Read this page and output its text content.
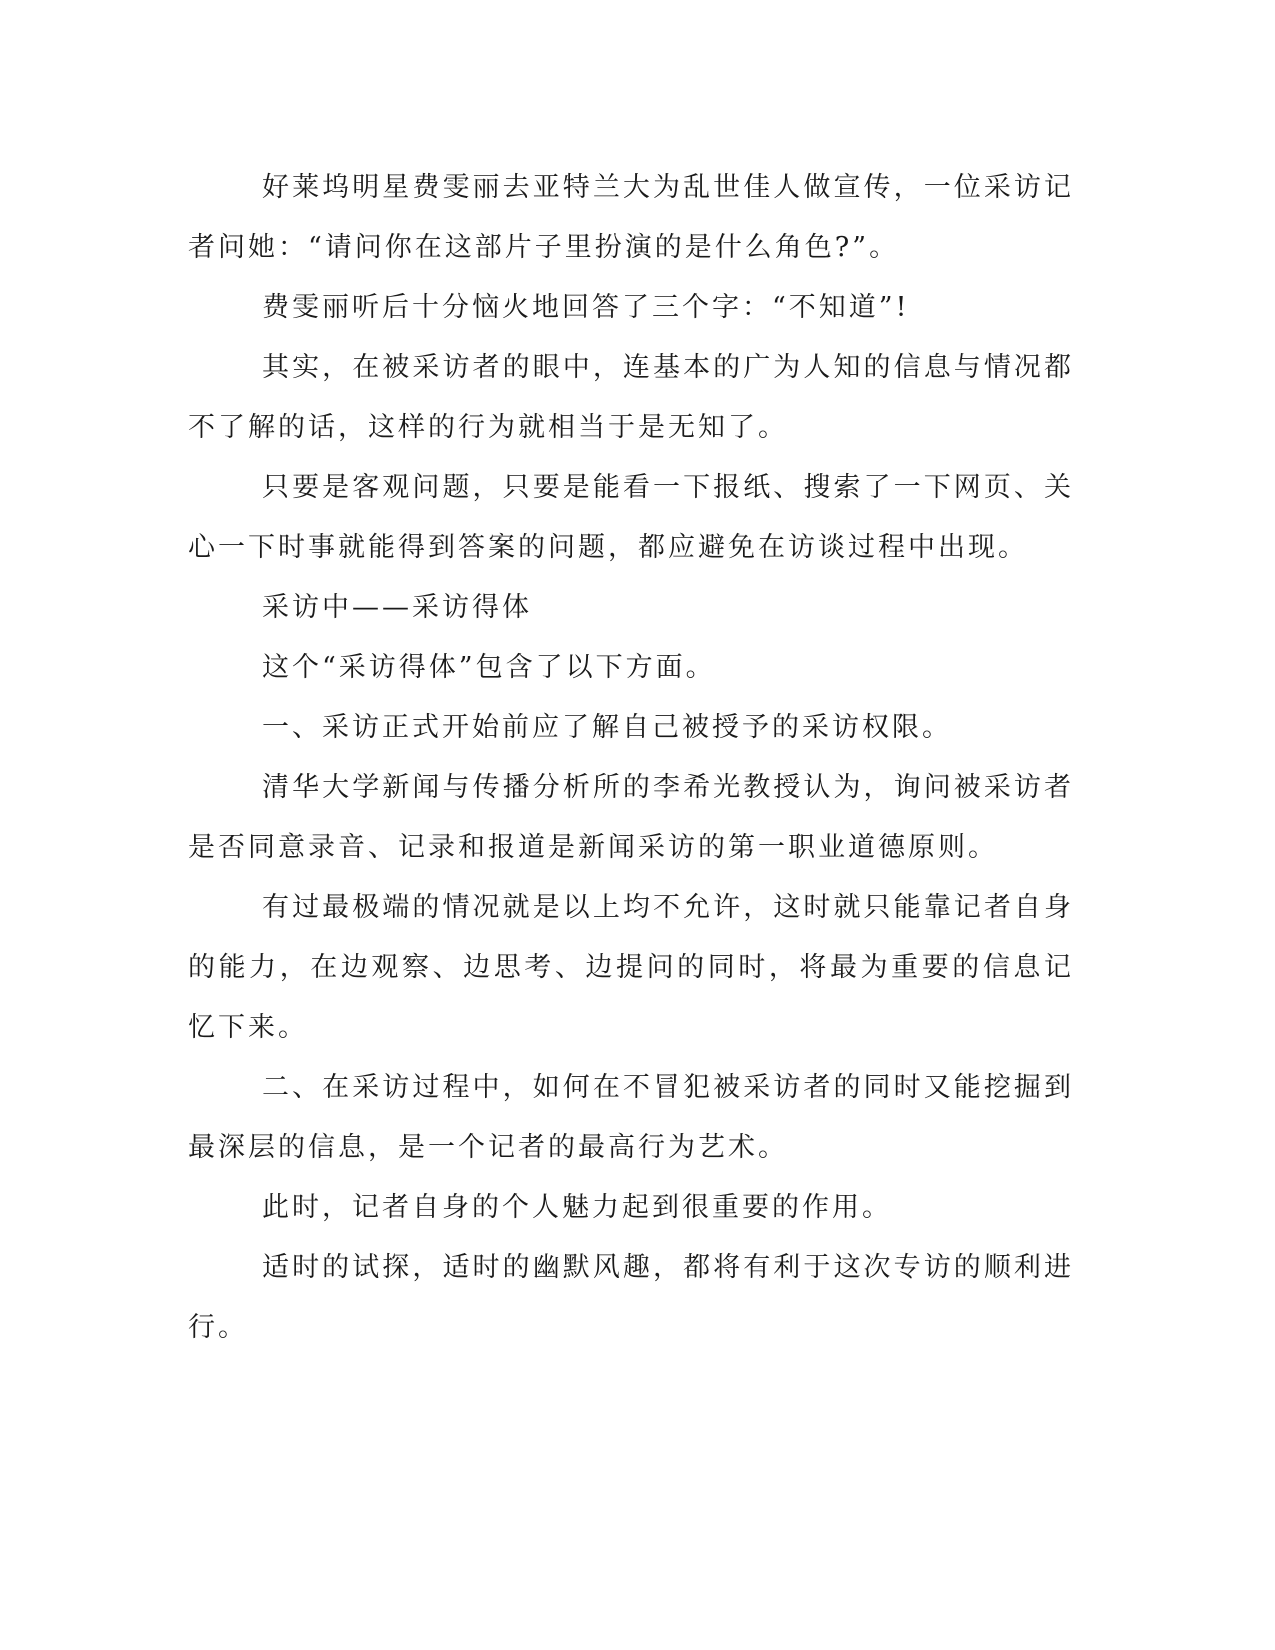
好莱坞明星费雯丽去亚特兰大为乱世佳人做宣传，一位采访记者问她：“请问你在这部片子里扮演的是什么角色?”。

费雯丽听后十分恼火地回答了三个字：“不知道”!

其实，在被采访者的眼中，连基本的广为人知的信息与情况都不了解的话，这样的行为就相当于是无知了。

只要是客观问题，只要是能看一下报纸、搜索了一下网页、关心一下时事就能得到答案的问题，都应避免在访谈过程中出现。

采访中——采访得体

这个“采访得体”包含了以下方面。

一、采访正式开始前应了解自己被授予的采访权限。

清华大学新闻与传播分析所的李希光教授认为，询问被采访者是否同意录音、记录和报道是新闻采访的第一职业道德原则。

有过最极端的情况就是以上均不允许，这时就只能靠记者自身的能力，在边观察、边思考、边提问的同时，将最为重要的信息记忆下来。

二、在采访过程中，如何在不冒犯被采访者的同时又能挖掘到最深层的信息，是一个记者的最高行为艺术。

此时，记者自身的个人魅力起到很重要的作用。

适时的试探，适时的幽默风趣，都将有利于这次专访的顺利进行。
